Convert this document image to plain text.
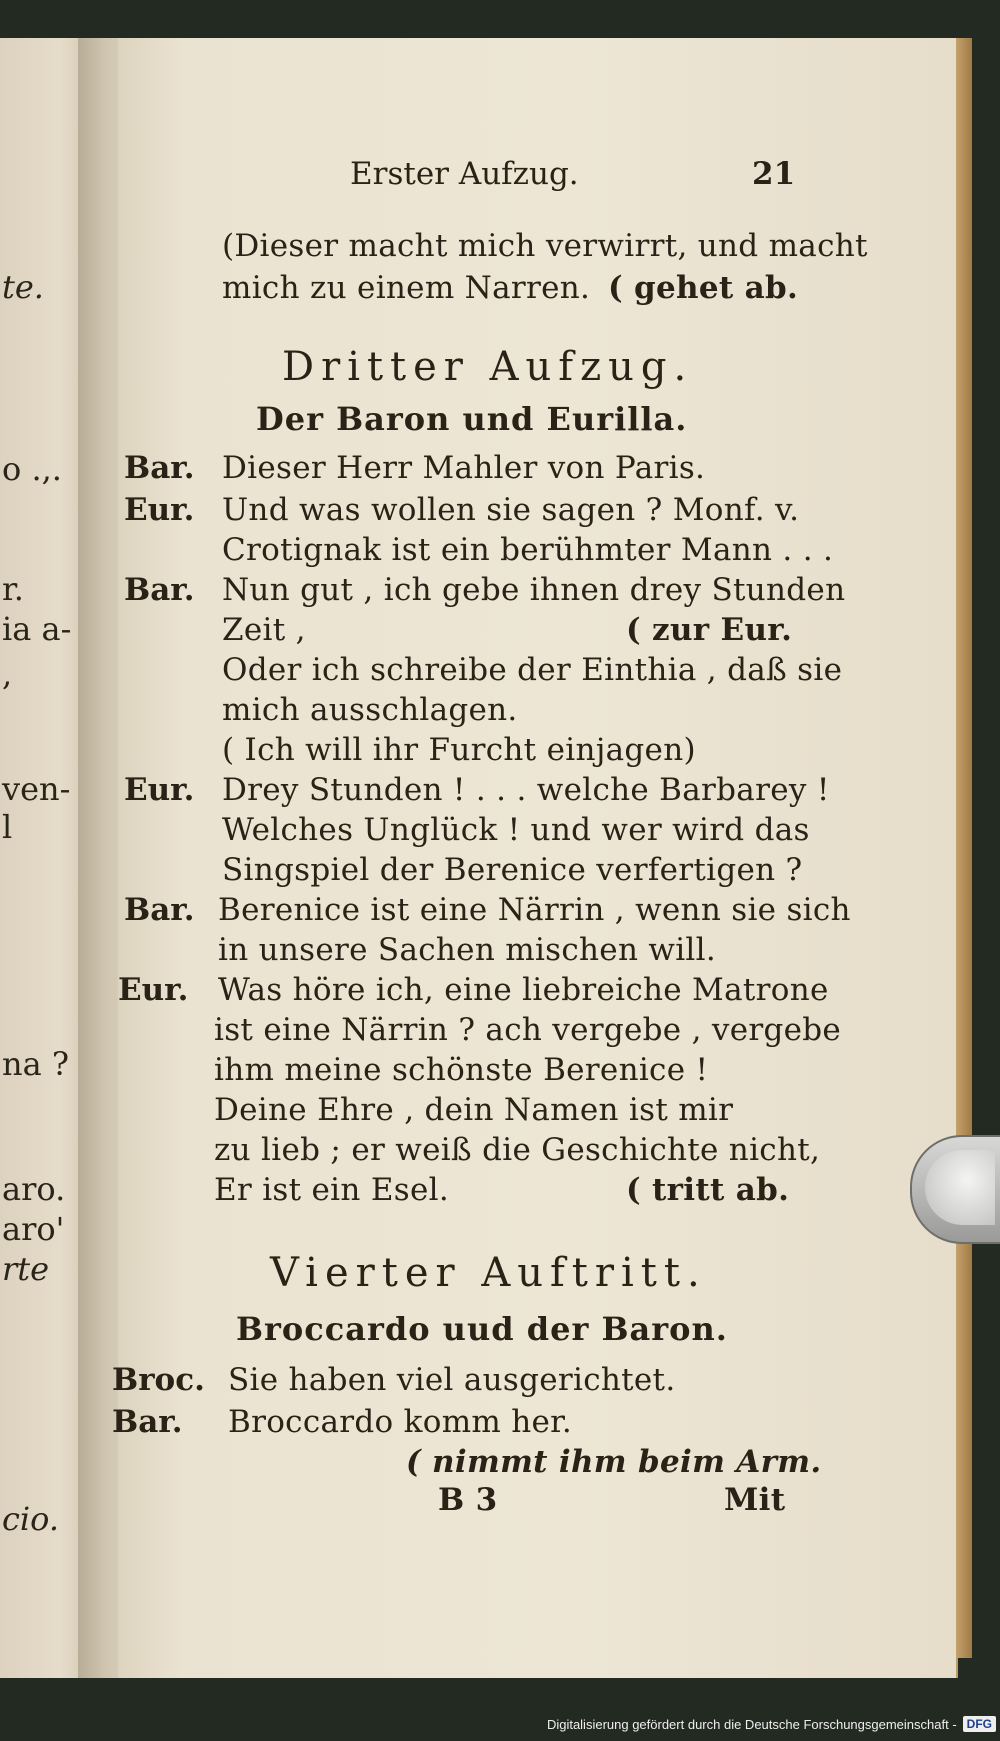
te.
o .,.
r.
ia a-
,
ven-
l
na ?
aro.
aro'
rte
cio.
Erster Aufzug.	21
(Dieser macht mich verwirrt, und macht
mich zu einem Narren. ( gehet ab.
Dritter Aufzug.
Der Baron und Eurilla.
Bar. Dieser Herr Mahler von Paris.
Eur. Und was wollen sie sagen ? Monf. v.
Crotignak ist ein berühmter Mann . . .
Bar. Nun gut , ich gebe ihnen drey Stunden
Zeit ,	( zur Eur.
Oder ich schreibe der Einthia , daß sie
mich ausschlagen.
( Ich will ihr Furcht einjagen)
Eur. Drey Stunden ! . . . welche Barbarey !
Welches Unglück ! und wer wird das
Singspiel der Berenice verfertigen ?
Bar. Berenice ist eine Närrin , wenn sie sich
in unsere Sachen mischen will.
Eur. Was höre ich, eine liebreiche Matrone
ist eine Närrin ? ach vergebe , vergebe
ihm meine schönste Berenice !
Deine Ehre , dein Namen ist mir
zu lieb ; er weiß die Geschichte nicht,
Er ist ein Esel.	( tritt ab.
Vierter Auftritt.
Broccardo uud der Baron.
Broc. Sie haben viel ausgerichtet.
Bar. Broccardo komm her.
( nimmt ihm beim Arm.
B 3	Mit
Digitalisierung gefördert durch die Deutsche Forschungsgemeinschaft - DFG
